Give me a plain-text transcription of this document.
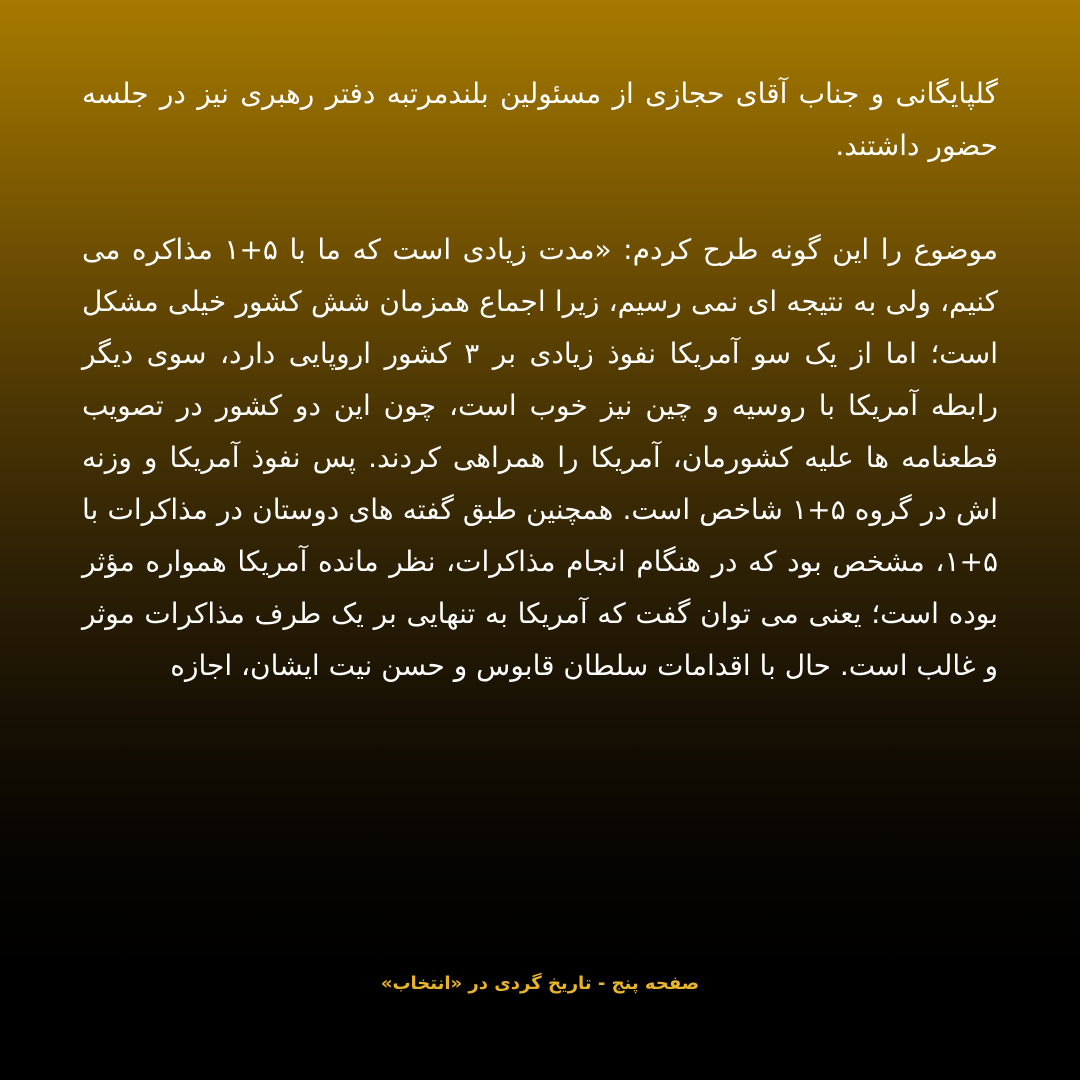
گلپایگانی و جناب آقای حجازی از مسئولین بلندمرتبه دفتر رهبری نیز در جلسه حضور داشتند.

موضوع را این گونه طرح کردم: «مدت زیادی است که ما با ۵+۱ مذاکره می کنیم، ولی به نتیجه ای نمی رسیم، زیرا اجماع همزمان شش کشور خیلی مشکل است؛ اما از یک سو آمریکا نفوذ زیادی بر ۳ کشور اروپایی دارد، سوی دیگر رابطه آمریکا با روسیه و چین نیز خوب است، چون این دو کشور در تصویب قطعنامه ها علیه کشورمان، آمریکا را همراهی کردند. پس نفوذ آمریکا و وزنه اش در گروه ۵+۱ شاخص است. همچنین طبق گفته های دوستان در مذاکرات با ۵+۱، مشخص بود که در هنگام انجام مذاکرات، نظر مانده آمریکا همواره مؤثر بوده است؛ یعنی می توان گفت که آمریکا به تنهایی بر یک طرف مذاکرات موثر و غالب است. حال با اقدامات سلطان قابوس و حسن نیت ایشان، اجازه

صفحه پنج - تاریخ گردی در «انتخاب»
